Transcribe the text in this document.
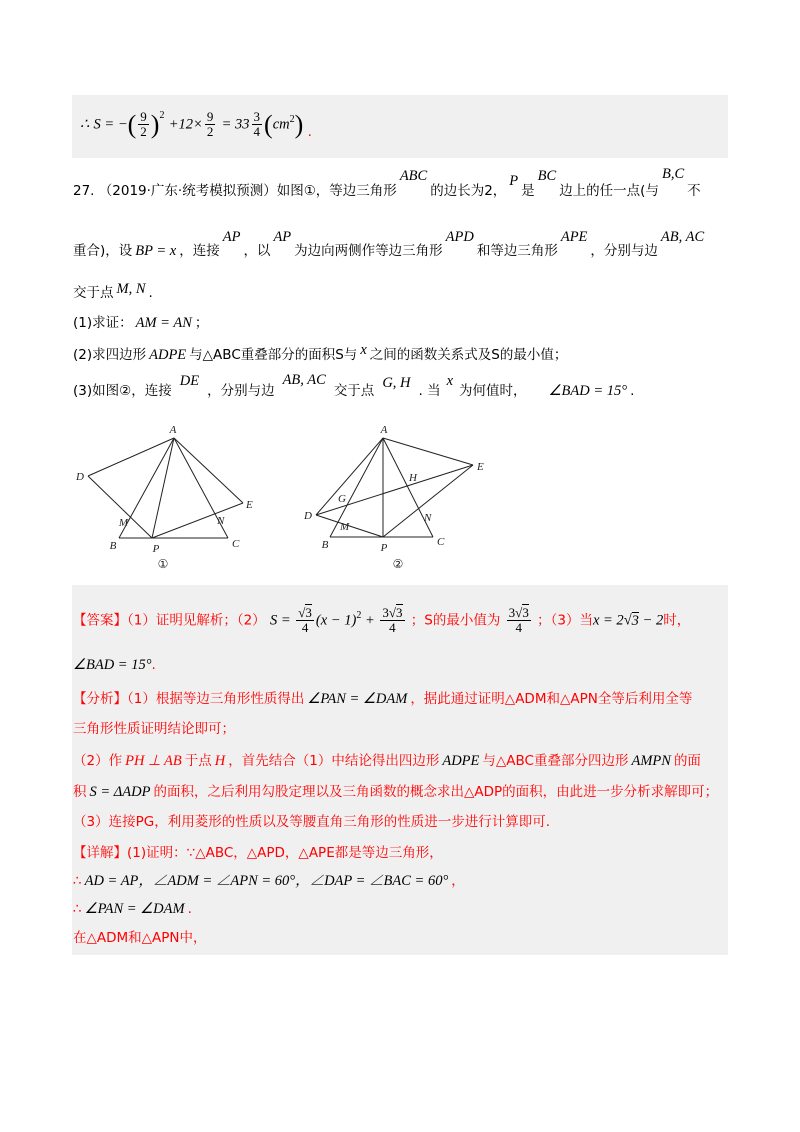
∴ S = −( $\frac{9}{2} )^2 +12\times \frac{9}{2} = 33 \frac{3}{4} (cm^2)$ .
27. （2019·广东·统考模拟预测）如图①，等边三角形ABC的边长为2，P是BC边上的任一点(与B,C不
重合)，设 BP = x ，连接AP，以AP为边向两侧作等边三角形APD和等边三角形APE，分别与边AB, AC
交于点 M, N .
(1)求证： AM = AN ；
(2)求四边形 ADPE 与△ABC重叠部分的面积S与 x 之间的函数关系式及S的最小值；
(3)如图②，连接DE，分别与边AB, AC交于点 G, H . 当x为何值时， ∠BAD = 15° .
A
D
E
B	C
P
M	N
①
A
E
D
B	C
P
G
H
M
N
②
【答案】（1）证明见解析；（2） $S = \frac{√3}{4} (x - 1)^2 + \frac{3√3}{4}$ ；S的最小值为 $\frac{3√3}{4}$ ；（3）当x = 2√3 − 2时，
∠BAD = 15°.
【分析】（1）根据等边三角形性质得出 ∠PAN = ∠DAM ，据此通过证明△ADM和△APN全等后利用全等
三角形性质证明结论即可；
（2）作 PH ⊥ AB 于点 H ，首先结合（1）中结论得出四边形 ADPE 与△ABC重叠部分四边形 AMPN 的面
积 S = ΔADP 的面积，之后利用勾股定理以及三角函数的概念求出△ADP的面积，由此进一步分析求解即可；
（3）连接PG，利用菱形的性质以及等腰直角三角形的性质进一步进行计算即可.
【详解】(1)证明：∵△ABC，△APD，△APE都是等边三角形，
∴ AD = AP，∠ADM = ∠APN = 60°，∠DAP = ∠BAC = 60° ，
∴ ∠PAN = ∠DAM .
在△ADM和△APN中，
